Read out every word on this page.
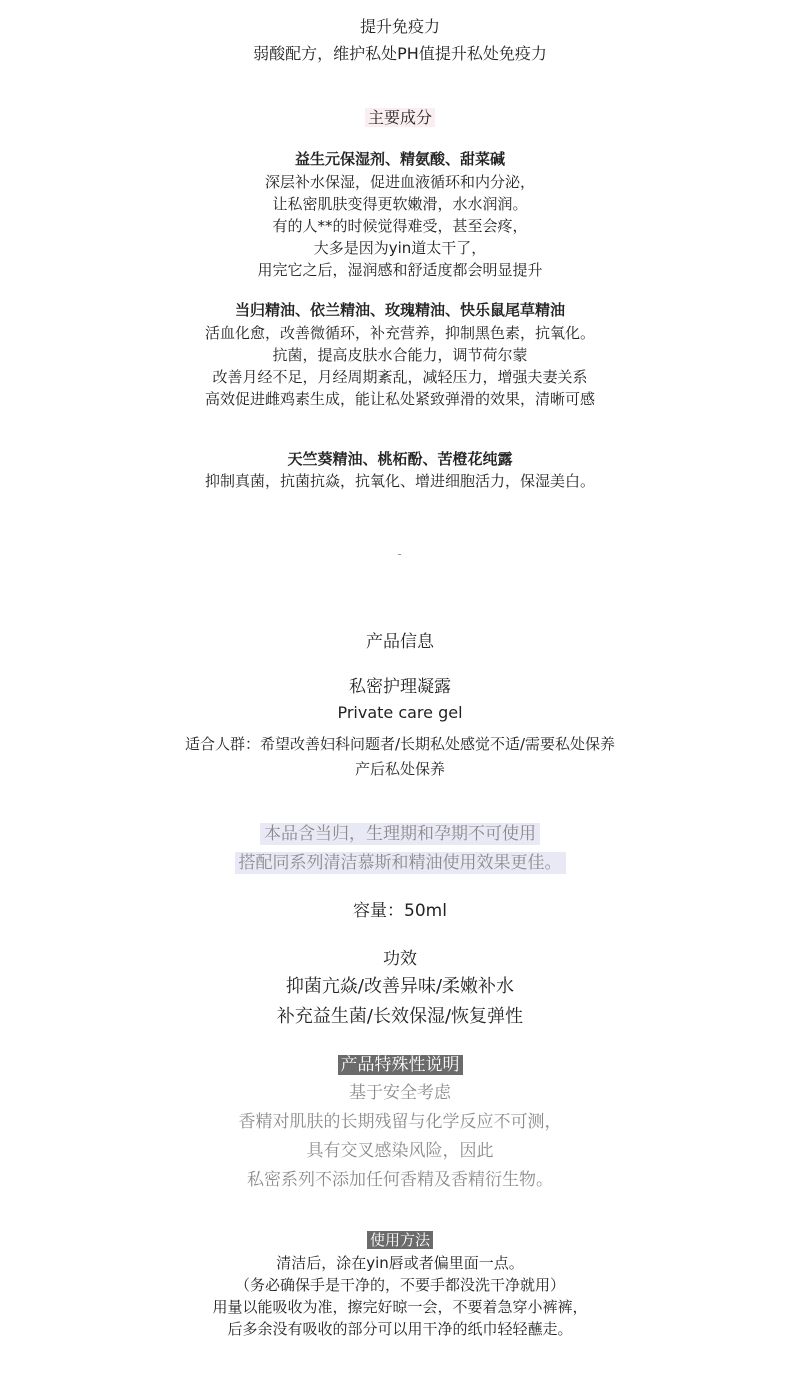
提升免疫力
弱酸配方，维护私处PH值提升私处免疫力
主要成分
益生元保湿剂、精氨酸、甜菜碱
深层补水保湿，促进血液循环和内分泌，
让私密肌肤变得更软嫩滑，水水润润。
有的人**的时候觉得难受，甚至会疼，
大多是因为yin道太干了，
用完它之后，湿润感和舒适度都会明显提升
当归精油、依兰精油、玫瑰精油、快乐鼠尾草精油
活血化愈，改善微循环，补充营养，抑制黑色素，抗氧化。
抗菌，提高皮肤水合能力，调节荷尔蒙
改善月经不足，月经周期紊乱，减轻压力，增强夫妻关系
高效促进雌鸡素生成，能让私处紧致弹滑的效果，清晰可感
天竺葵精油、桃柘酚、苦橙花纯露
抑制真菌，抗菌抗焱，抗氧化、增进细胞活力，保湿美白。
产品信息
私密护理凝露
Private care gel
适合人群：希望改善妇科问题者/长期私处感觉不适/需要私处保养
产后私处保养
本品含当归，生理期和孕期不可使用
搭配同系列清洁慕斯和精油使用效果更佳。
容量：50ml
功效
抑菌亢焱/改善异味/柔嫩补水
补充益生菌/长效保湿/恢复弹性
产品特殊性说明
基于安全考虑
香精对肌肤的长期残留与化学反应不可测，
具有交叉感染风险，因此
私密系列不添加任何香精及香精衍生物。
使用方法
清洁后，涂在yin唇或者偏里面一点。
（务必确保手是干净的，不要手都没洗干净就用）
用量以能吸收为准，擦完好晾一会，不要着急穿小裤裤，
后多余没有吸收的部分可以用干净的纸巾轻轻蘸走。
